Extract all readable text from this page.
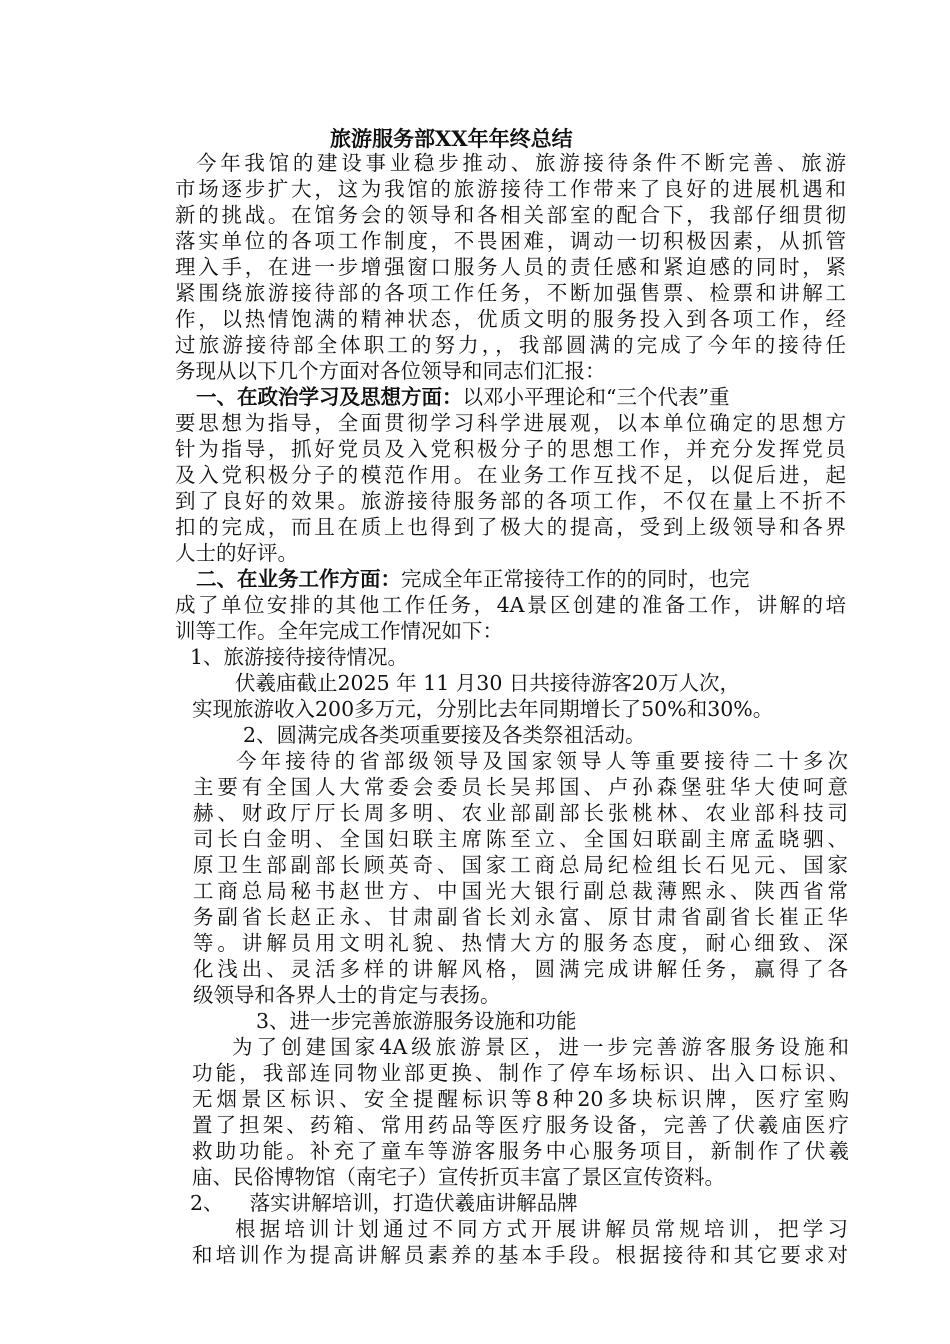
旅游服务部XX年年终总结
今年我馆的建设事业稳步推动、旅游接待条件不断完善、旅游
市场逐步扩大，这为我馆的旅游接待工作带来了良好的进展机遇和
新的挑战。在馆务会的领导和各相关部室的配合下，我部仔细贯彻
落实单位的各项工作制度，不畏困难，调动一切积极因素，从抓管
理入手，在进一步增强窗口服务人员的责任感和紧迫感的同时，紧
紧围绕旅游接待部的各项工作任务，不断加强售票、检票和讲解工
作，以热情饱满的精神状态，优质文明的服务投入到各项工作，经
过旅游接待部全体职工的努力，，我部圆满的完成了今年的接待任
务现从以下几个方面对各位领导和同志们汇报：
一、在政治学习及思想方面：以邓小平理论和“三个代表”重
要思想为指导，全面贯彻学习科学进展观，以本单位确定的思想方
针为指导，抓好党员及入党积极分子的思想工作，并充分发挥党员
及入党积极分子的模范作用。在业务工作互找不足，以促后进，起
到了良好的效果。旅游接待服务部的各项工作，不仅在量上不折不
扣的完成，而且在质上也得到了极大的提高，受到上级领导和各界
人士的好评。
二、在业务工作方面：完成全年正常接待工作的的同时，也完
成了单位安排的其他工作任务，4A景区创建的准备工作，讲解的培
训等工作。全年完成工作情况如下：
1、旅游接待接待情况。
伏羲庙截止2025 年 11 月30 日共接待游客20万人次，
实现旅游收入200多万元，分别比去年同期增长了50%和30%。
2、圆满完成各类项重要接及各类祭祖活动。
今年接待的省部级领导及国家领导人等重要接待二十多次
主要有全国人大常委会委员长吴邦国、卢孙森堡驻华大使呵意
赫、财政厅厅长周多明、农业部副部长张桃林、农业部科技司
司长白金明、全国妇联主席陈至立、全国妇联副主席孟晓驷、
原卫生部副部长顾英奇、国家工商总局纪检组长石见元、国家
工商总局秘书赵世方、中国光大银行副总裁薄熙永、陕西省常
务副省长赵正永、甘肃副省长刘永富、原甘肃省副省长崔正华
等。讲解员用文明礼貌、热情大方的服务态度，耐心细致、深
化浅出、灵活多样的讲解风格，圆满完成讲解任务，赢得了各
级领导和各界人士的肯定与表扬。
3、进一步完善旅游服务设施和功能
为了创建国家4A级旅游景区，进一步完善游客服务设施和
功能，我部连同物业部更换、制作了停车场标识、出入口标识、
无烟景区标识、安全提醒标识等8种20多块标识牌，医疗室购
置了担架、药箱、常用药品等医疗服务设备，完善了伏羲庙医疗
救助功能。补充了童车等游客服务中心服务项目，新制作了伏羲
庙、民俗博物馆（南宅子）宣传折页丰富了景区宣传资料。
2、    落实讲解培训，打造伏羲庙讲解品牌
根据培训计划通过不同方式开展讲解员常规培训，把学习
和培训作为提高讲解员素养的基本手段。根据接待和其它要求对
